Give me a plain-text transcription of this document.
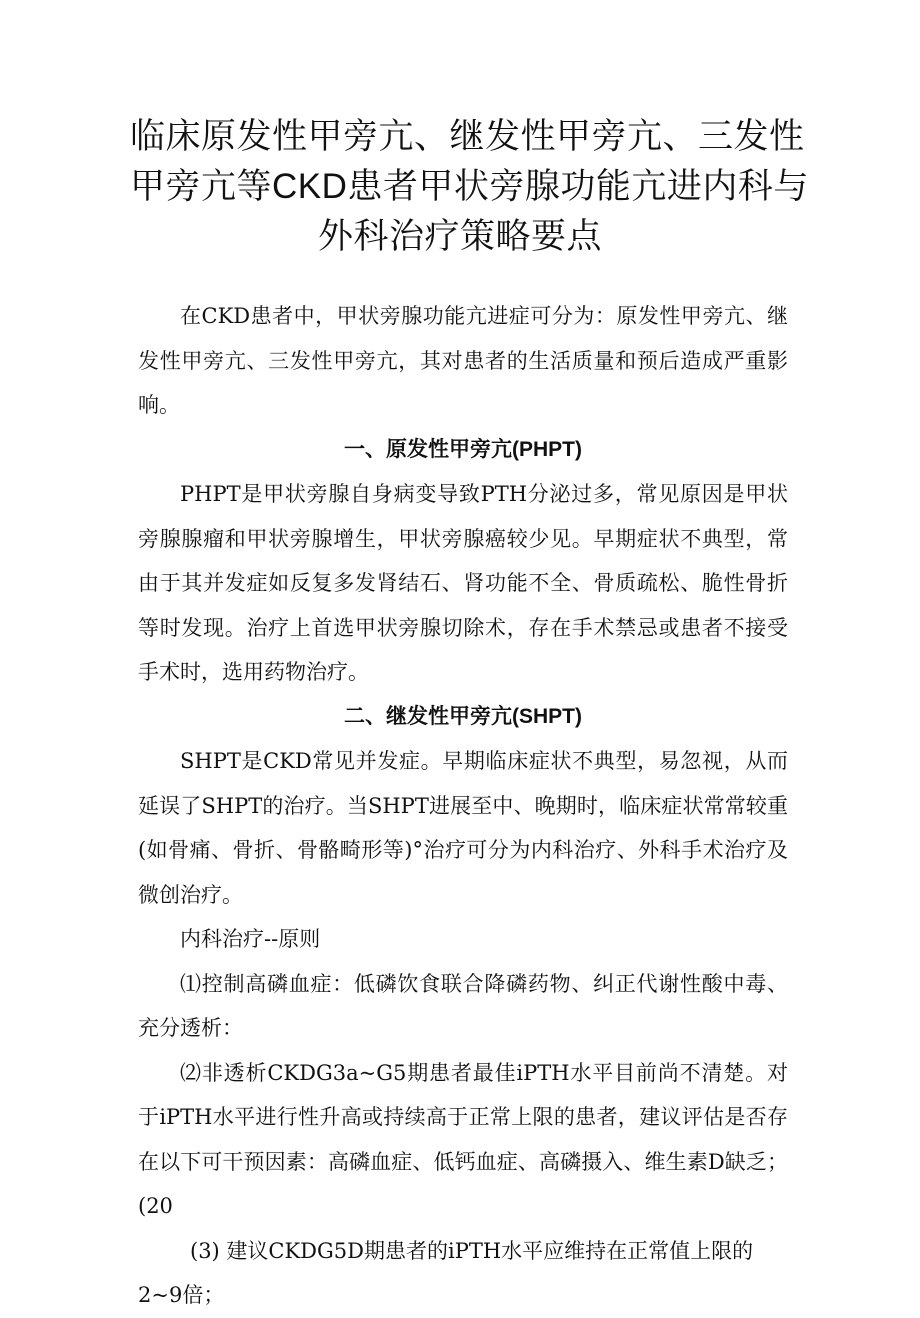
临床原发性甲旁亢、继发性甲旁亢、三发性
甲旁亢等CKD患者甲状旁腺功能亢进内科与
外科治疗策略要点

在CKD患者中，甲状旁腺功能亢进症可分为：原发性甲旁亢、继发性甲旁亢、三发性甲旁亢，其对患者的生活质量和预后造成严重影响。

一、原发性甲旁亢(PHPT)

PHPT是甲状旁腺自身病变导致PTH分泌过多，常见原因是甲状旁腺腺瘤和甲状旁腺增生，甲状旁腺癌较少见。早期症状不典型，常由于其并发症如反复多发肾结石、肾功能不全、骨质疏松、脆性骨折等时发现。治疗上首选甲状旁腺切除术，存在手术禁忌或患者不接受手术时，选用药物治疗。

二、继发性甲旁亢(SHPT)

SHPT是CKD常见并发症。早期临床症状不典型，易忽视，从而延误了SHPT的治疗。当SHPT进展至中、晚期时，临床症状常常较重(如骨痛、骨折、骨骼畸形等)°治疗可分为内科治疗、外科手术治疗及微创治疗。

内科治疗--原则

⑴控制高磷血症：低磷饮食联合降磷药物、纠正代谢性酸中毒、充分透析：

⑵非透析CKDG3a~G5期患者最佳iPTH水平目前尚不清楚。对于iPTH水平进行性升高或持续高于正常上限的患者，建议评估是否存在以下可干预因素：高磷血症、低钙血症、高磷摄入、维生素D缺乏；(20

(3) 建议CKDG5D期患者的iPTH水平应维持在正常值上限的2~9倍；
